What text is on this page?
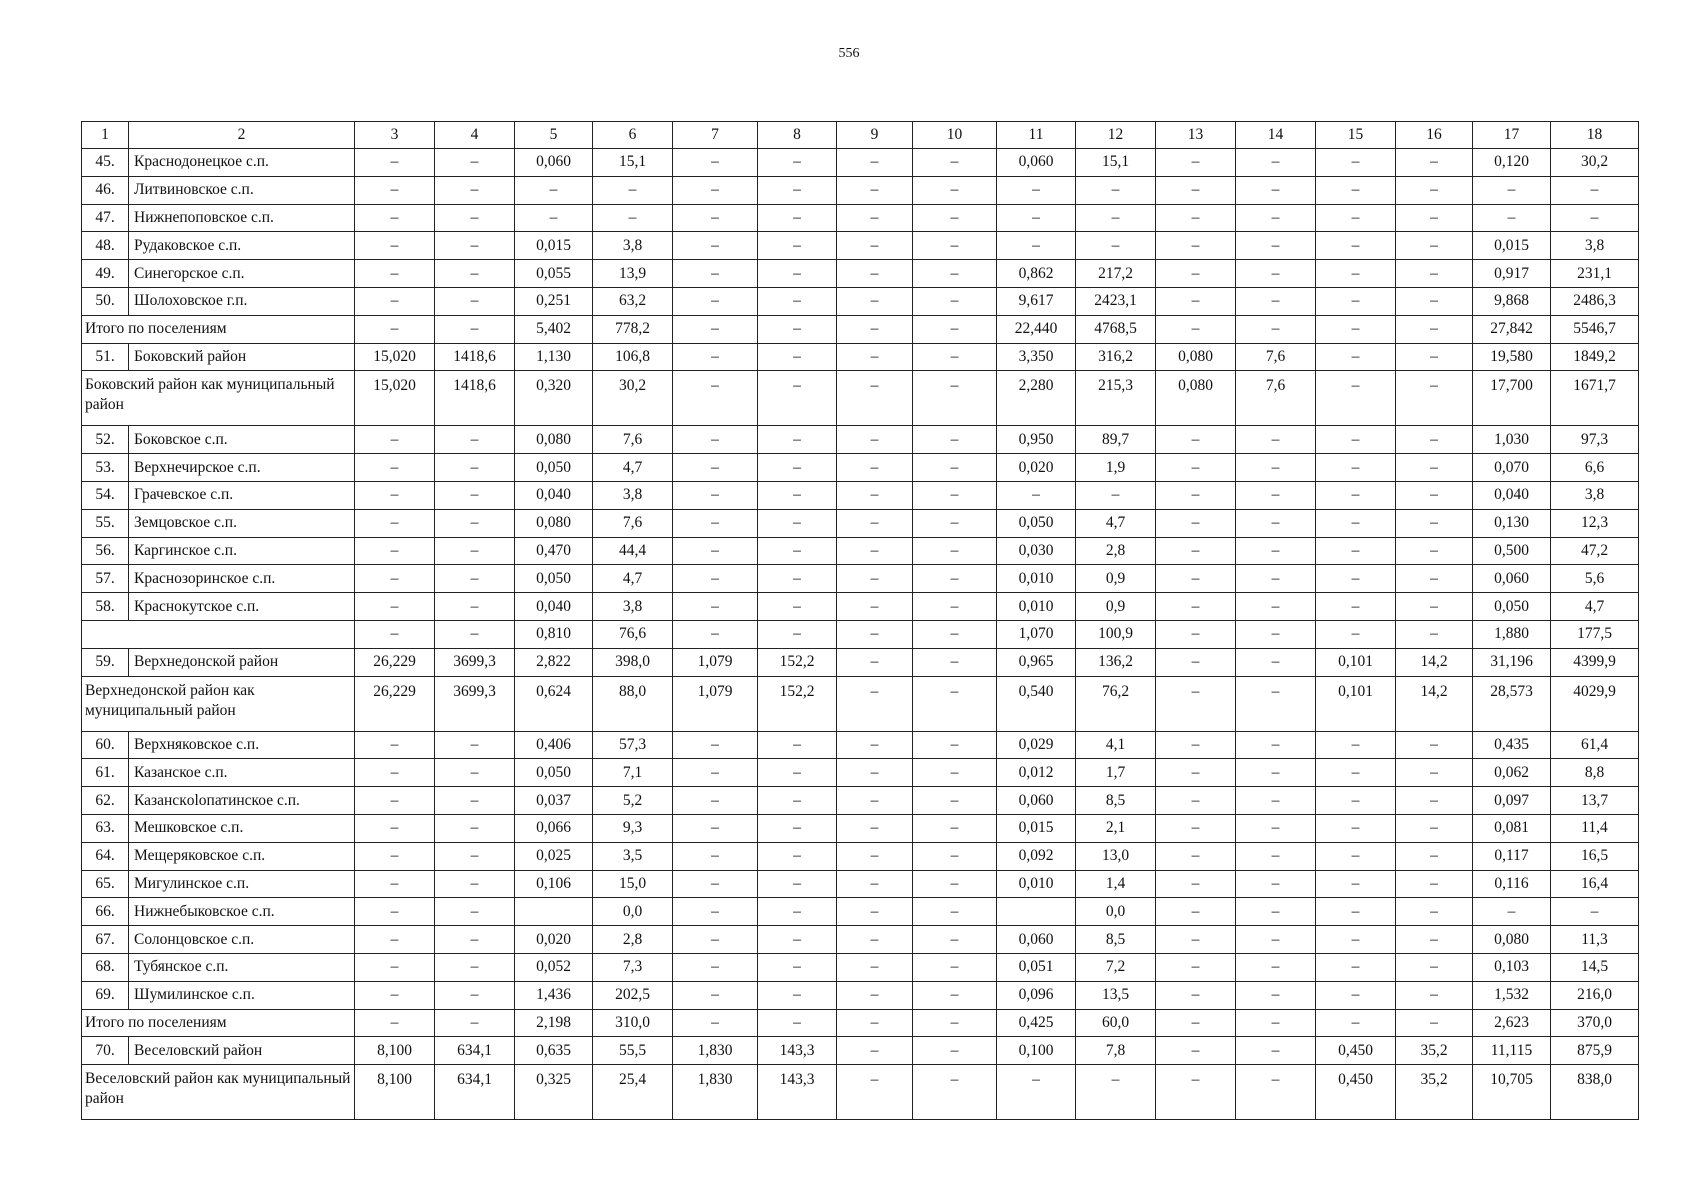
556
1	2	3	4	5	6	7	8	9	10	11	12	13	14	15	16	17	18
45.	Краснодонецкое с.п.	–	–	0,060	15,1	–	–	–	–	0,060	15,1	–	–	–	–	0,120	30,2
46.	Литвиновское с.п.	–	–	–	–	–	–	–	–	–	–	–	–	–	–	–	–
47.	Нижнепоповское с.п.	–	–	–	–	–	–	–	–	–	–	–	–	–	–	–	–
48.	Рудаковское с.п.	–	–	0,015	3,8	–	–	–	–	–	–	–	–	–	–	0,015	3,8
49.	Синегорское с.п.	–	–	0,055	13,9	–	–	–	–	0,862	217,2	–	–	–	–	0,917	231,1
50.	Шолоховское г.п.	–	–	0,251	63,2	–	–	–	–	9,617	2423,1	–	–	–	–	9,868	2486,3
Итого по поселениям		–	–	5,402	778,2	–	–	–	–	22,440	4768,5	–	–	–	–	27,842	5546,7
51.	Боковский район	15,020	1418,6	1,130	106,8	–	–	–	–	3,350	316,2	0,080	7,6	–	–	19,580	1849,2
Боковский район как муниципальный район		15,020	1418,6	0,320	30,2	–	–	–	–	2,280	215,3	0,080	7,6	–	–	17,700	1671,7
52.	Боковское с.п.	–	–	0,080	7,6	–	–	–	–	0,950	89,7	–	–	–	–	1,030	97,3
53.	Верхнечирское с.п.	–	–	0,050	4,7	–	–	–	–	0,020	1,9	–	–	–	–	0,070	6,6
54.	Грачевское с.п.	–	–	0,040	3,8	–	–	–	–	–	–	–	–	–	–	0,040	3,8
55.	Земцовское с.п.	–	–	0,080	7,6	–	–	–	–	0,050	4,7	–	–	–	–	0,130	12,3
56.	Каргинское с.п.	–	–	0,470	44,4	–	–	–	–	0,030	2,8	–	–	–	–	0,500	47,2
57.	Краснозоринское с.п.	–	–	0,050	4,7	–	–	–	–	0,010	0,9	–	–	–	–	0,060	5,6
58.	Краснокутское с.п.	–	–	0,040	3,8	–	–	–	–	0,010	0,9	–	–	–	–	0,050	4,7
		–	–	0,810	76,6	–	–	–	–	1,070	100,9	–	–	–	–	1,880	177,5
59.	Верхнедонской район	26,229	3699,3	2,822	398,0	1,079	152,2	–	–	0,965	136,2	–	–	0,101	14,2	31,196	4399,9
Верхнедонской район как муниципальный район		26,229	3699,3	0,624	88,0	1,079	152,2	–	–	0,540	76,2	–	–	0,101	14,2	28,573	4029,9
60.	Верхняковское с.п.	–	–	0,406	57,3	–	–	–	–	0,029	4,1	–	–	–	–	0,435	61,4
61.	Казанское с.п.	–	–	0,050	7,1	–	–	–	–	0,012	1,7	–	–	–	–	0,062	8,8
62.	Казанскolопатинское с.п.	–	–	0,037	5,2	–	–	–	–	0,060	8,5	–	–	–	–	0,097	13,7
63.	Мешковское с.п.	–	–	0,066	9,3	–	–	–	–	0,015	2,1	–	–	–	–	0,081	11,4
64.	Мещеряковское с.п.	–	–	0,025	3,5	–	–	–	–	0,092	13,0	–	–	–	–	0,117	16,5
65.	Мигулинское с.п.	–	–	0,106	15,0	–	–	–	–	0,010	1,4	–	–	–	–	0,116	16,4
66.	Нижнебыковское с.п.	–	–		0,0	–	–	–	–		0,0	–	–	–	–	–	–
67.	Солонцовское с.п.	–	–	0,020	2,8	–	–	–	–	0,060	8,5	–	–	–	–	0,080	11,3
68.	Тубянское с.п.	–	–	0,052	7,3	–	–	–	–	0,051	7,2	–	–	–	–	0,103	14,5
69.	Шумилинское с.п.	–	–	1,436	202,5	–	–	–	–	0,096	13,5	–	–	–	–	1,532	216,0
Итого по поселениям		–	–	2,198	310,0	–	–	–	–	0,425	60,0	–	–	–	–	2,623	370,0
70.	Веселовский район	8,100	634,1	0,635	55,5	1,830	143,3	–	–	0,100	7,8	–	–	0,450	35,2	11,115	875,9
Веселовский район как муниципальный район		8,100	634,1	0,325	25,4	1,830	143,3	–	–	–	–	–	–	0,450	35,2	10,705	838,0
